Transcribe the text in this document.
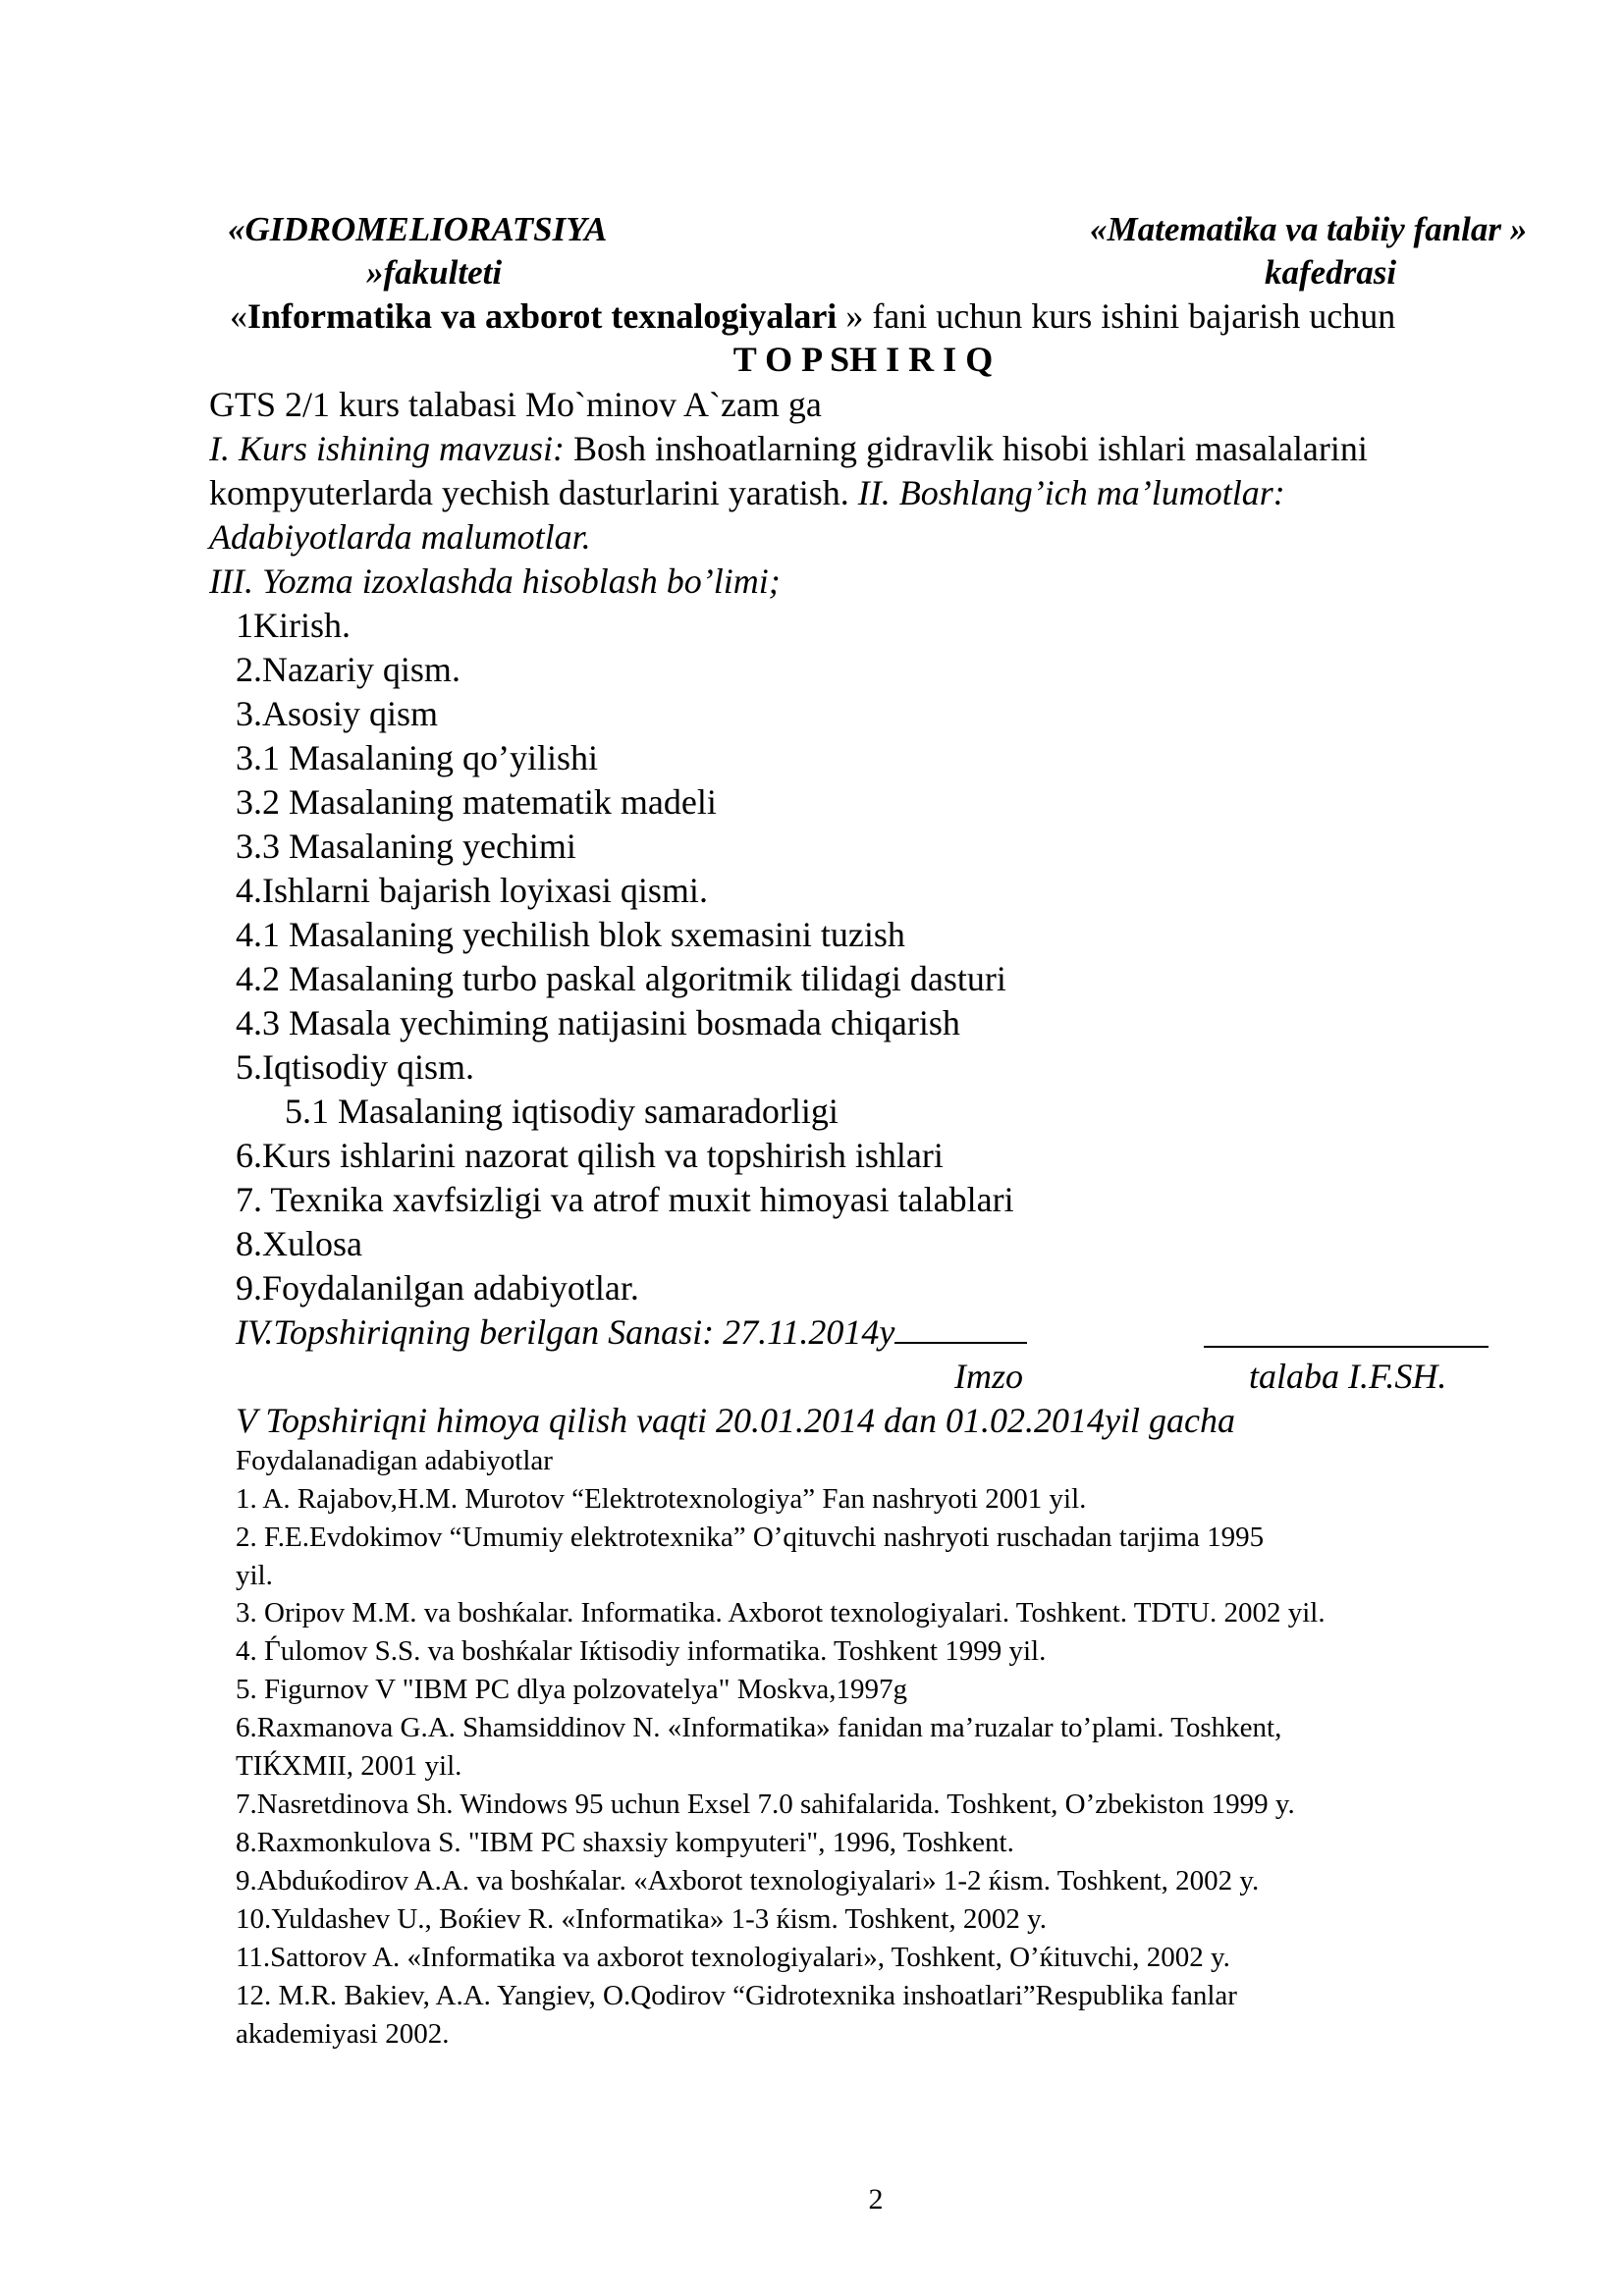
«GIDROMELIORATSIYA
»fakulteti
«Matematika va tabiiy fanlar »
kafedrasi
«Informatika va axborot texnalogiyalari » fani uchun kurs ishini bajarish uchun
T O P SH I R I Q
GTS 2/1 kurs talabasi Mo`minov A`zam ga
I. Kurs ishining mavzusi: Bosh inshoatlarning gidravlik hisobi ishlari masalalarini
kompyuterlarda yechish dasturlarini yaratish. II. Boshlang’ich ma’lumotlar:
Adabiyotlarda malumotlar.
III. Yozma izoxlashda hisoblash bo’limi;
1Kirish.
2.Nazariy qism.
3.Asosiy qism
3.1 Masalaning qo’yilishi
3.2 Masalaning matematik madeli
3.3 Masalaning yechimi
4.Ishlarni bajarish loyixasi qismi.
4.1 Masalaning yechilish blok sxemasini tuzish
4.2 Masalaning turbo paskal algoritmik tilidagi dasturi
4.3 Masala yechiming natijasini bosmada chiqarish
5.Iqtisodiy qism.
5.1 Masalaning iqtisodiy samaradorligi
6.Kurs ishlarini nazorat qilish va topshirish ishlari
7. Texnika xavfsizligi va atrof muxit himoyasi talablari
8.Xulosa
9.Foydalanilgan adabiyotlar.
IV.Topshiriqning berilgan Sanasi: 27.11.2014y
Imzo	talaba I.F.SH.
V Topshiriqni himoya qilish vaqti 20.01.2014 dan 01.02.2014yil gacha
Foydalanadigan adabiyotlar
1. A. Rajabov,H.M. Murotov “Elektrotexnologiya” Fan nashryoti 2001 yil.
2. F.E.Evdokimov “Umumiy elektrotexnika” O’qituvchi nashryoti ruschadan tarjima 1995
yil.
3. Oripov M.M. va boshќalar. Informatika. Axborot texnologiyalari. Toshkent. TDTU. 2002 yil.
4. Ѓulomov S.S. va boshќalar Iќtisodiy informatika. Toshkent 1999 yil.
5. Figurnov V "IBM PC dlya polzovatelya" Moskva,1997g
6.Raxmanova G.A. Shamsiddinov N. «Informatika» fanidan ma’ruzalar to’plami. Toshkent,
TIЌXMII, 2001 yil.
7.Nasretdinova Sh. Windows 95 uchun Exsel 7.0 saһifalarida. Toshkent, O’zbekiston 1999 y.
8.Raxmonkulova S. "IBM PC shaxsiy kompyuteri", 1996, Toshkent.
9.Abduќodirov A.A. va boshќalar. «Axborot texnologiyalari» 1-2 ќism. Toshkent, 2002 y.
10.Yuldashev U., Boќiev R. «Informatika» 1-3 ќism. Toshkent, 2002 y.
11.Sattorov A. «Informatika va axborot texnologiyalari», Toshkent, O’ќituvchi, 2002 y.
12. M.R. Bakiev, A.A. Yangiev, O.Qodirov “Gidrotexnika inshoatlari”Respublika fanlar
akademiyasi 2002.
2
